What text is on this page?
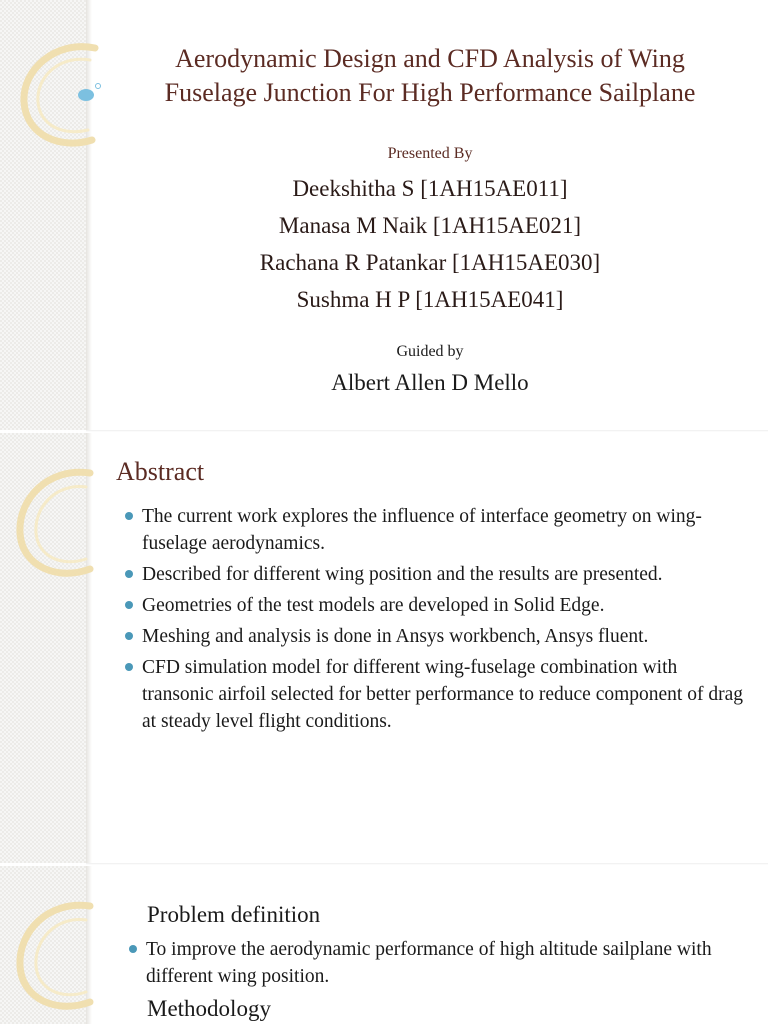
Aerodynamic Design and CFD Analysis of Wing
Fuselage Junction For High Performance Sailplane
Presented By
Deekshitha S [1AH15AE011]
Manasa M Naik [1AH15AE021]
Rachana R Patankar [1AH15AE030]
Sushma H P [1AH15AE041]
Guided by
Albert Allen D Mello
Abstract
The current work explores the influence of interface geometry on wing-fuselage aerodynamics.
Described for different wing position and the results are presented.
Geometries of the test models are developed in Solid Edge.
Meshing and analysis is done in Ansys workbench, Ansys fluent.
CFD simulation model for different wing-fuselage combination with transonic airfoil selected for better performance to reduce component of drag at steady level flight conditions.
Problem definition
To improve the aerodynamic performance of high altitude sailplane with different wing position.
Methodology
